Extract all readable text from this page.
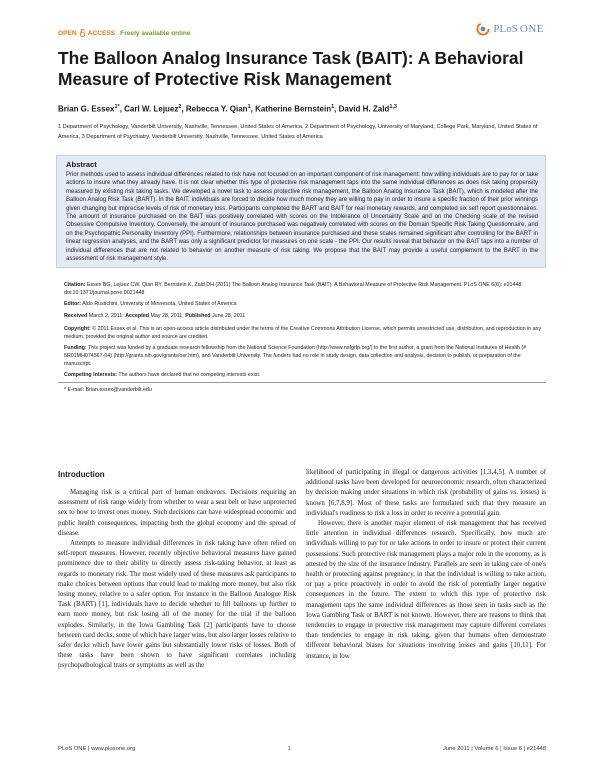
OPEN ACCESS Freely available online	PLoS ONE
The Balloon Analog Insurance Task (BAIT): A Behavioral Measure of Protective Risk Management
Brian G. Essex$^{1*}$, Carl W. Lejuez$^2$, Rebecca Y. Qian$^1$, Katherine Bernstein$^1$, David H. Zald$^{1,3}$
1 Department of Psychology, Vanderbilt University, Nashville, Tennessee, United States of America, 2 Department of Psychology, University of Maryland, College Park, Maryland, United States of America, 3 Department of Psychiatry, Vanderbilt University, Nashville, Tennessee, United States of America
Abstract
Prior methods used to assess individual differences related to risk have not focused on an important component of risk management: how willing individuals are to pay for or take actions to insure what they already have. It is not clear whether this type of protective risk management taps into the same individual differences as does risk taking propensity measured by existing risk taking tasks. We developed a novel task to assess protective risk management, the Balloon Analog Insurance Task (BAIT), which is modeled after the Balloon Analog Risk Task (BART). In the BAIT, individuals are forced to decide how much money they are willing to pay in order to insure a specific fraction of their prior winnings given changing but imprecise levels of risk of monetary loss. Participants completed the BART and BAIT for real monetary rewards, and completed six self report questionnaires. The amount of insurance purchased on the BAIT was positively correlated with scores on the Intolerance of Uncertainty Scale and on the Checking scale of the revised Obsessive Compulsive Inventory. Conversely, the amount of insurance purchased was negatively correlated with scores on the Domain Specific Risk Taking Questionnaire, and on the Psychopathic Personality Inventory (PPI). Furthermore, relationships between insurance purchased and these scales remained significant after controlling for the BART in linear regression analyses, and the BART was only a significant predictor for measures on one scale - the PPI. Our results reveal that behavior on the BAIT taps into a number of individual differences that are not related to behavior on another measure of risk taking. We propose that the BAIT may provide a useful complement to the BART in the assessment of risk management style.
Citation: Essex BG, Lejuez CW, Qian RY, Bernstein K, Zald DH (2011) The Balloon Analog Insurance Task (BAIT): A Behavioral Measure of Protective Risk Management. PLoS ONE 6(6): e21448. doi:10.1371/journal.pone.0021448
Editor: Aldo Rustichini, University of Minnesota, United States of America
Received March 2, 2011; Accepted May 28, 2011; Published June 28, 2011
Copyright: © 2011 Essex et al. This is an open-access article distributed under the terms of the Creative Commons Attribution License, which permits unrestricted use, distribution, and reproduction in any medium, provided the original author and source are credited.
Funding: This project was funded by a graduate research fellowship from the National Science Foundation (http://www.nsfgrfp.org/) to the first author, a grant from the National Institutes of Health (# 5R01MH074567-04) (http://grants.nih.gov/grants/oer.htm), and Vanderbilt University. The funders had no role in study design, data collection and analysis, decision to publish, or preparation of the manuscript.
Competing Interests: The authors have declared that no competing interests exist.
* E-mail: Brian.essex@vanderbilt.edu
Introduction

Managing risk is a critical part of human endeavors. Decisions requiring an assessment of risk range widely from whether to wear a seat belt or have unprotected sex to how to invest ones money. Such decisions can have widespread economic and public health consequences, impacting both the global economy and the spread of disease.

Attempts to measure individual differences in risk taking have often relied on self-report measures. However, recently objective behavioral measures have gained prominence due to their ability to directly assess risk-taking behavior, at least as regards to monetary risk. The most widely used of these measures ask participants to make choices between options that could lead to making more money, but also risk losing money, relative to a safer option. For instance in the Balloon Analogue Risk Task (BART) [1], individuals have to decide whether to fill balloons up further to earn more money, but risk losing all of the money for the trial if the balloon explodes. Similarly, in the Iowa Gambling Task [2] participants have to choose between card decks, some of which have larger wins, but also larger losses relative to safer decks which have lower gains but substantially lower risks of losses. Both of these tasks have been shown to have significant correlates including psychopathological traits or symptoms as well as the

likelihood of participating in illegal or dangerous activities [1,3,4,5]. A number of additional tasks have been developed for neuroeconomic research, often characterized by decision making under situations in which risk (probability of gains vs. losses) is known [6,7,8,9]. Most of these tasks are formulated such that they measure an individual's readiness to risk a loss in order to receive a potential gain.

However, there is another major element of risk management that has received little attention in individual differences research. Specifically, how much are individuals willing to pay for or take actions in order to insure or protect their current possessions. Such protective risk management plays a major role in the economy, as is attested by the size of the insurance industry. Parallels are seen in taking care of one's health or protecting against pregnancy, in that the individual is willing to take action, or pay a price proactively in order to avoid the risk of potentially larger negative consequences in the future. The extent to which this type of protective risk management taps the same individual differences as those seen in tasks such as the Iowa Gambling Task or BART is not known. However, there are reasons to think that tendencies to engage in protective risk management may capture different correlates than tendencies to engage in risk taking, given that humans often demonstrate different behavioral biases for situations involving losses and gains [10,11]. For instance, in low

PLoS ONE | www.plosone.org	1	June 2011 | Volume 6 | Issue 6 | e21448
